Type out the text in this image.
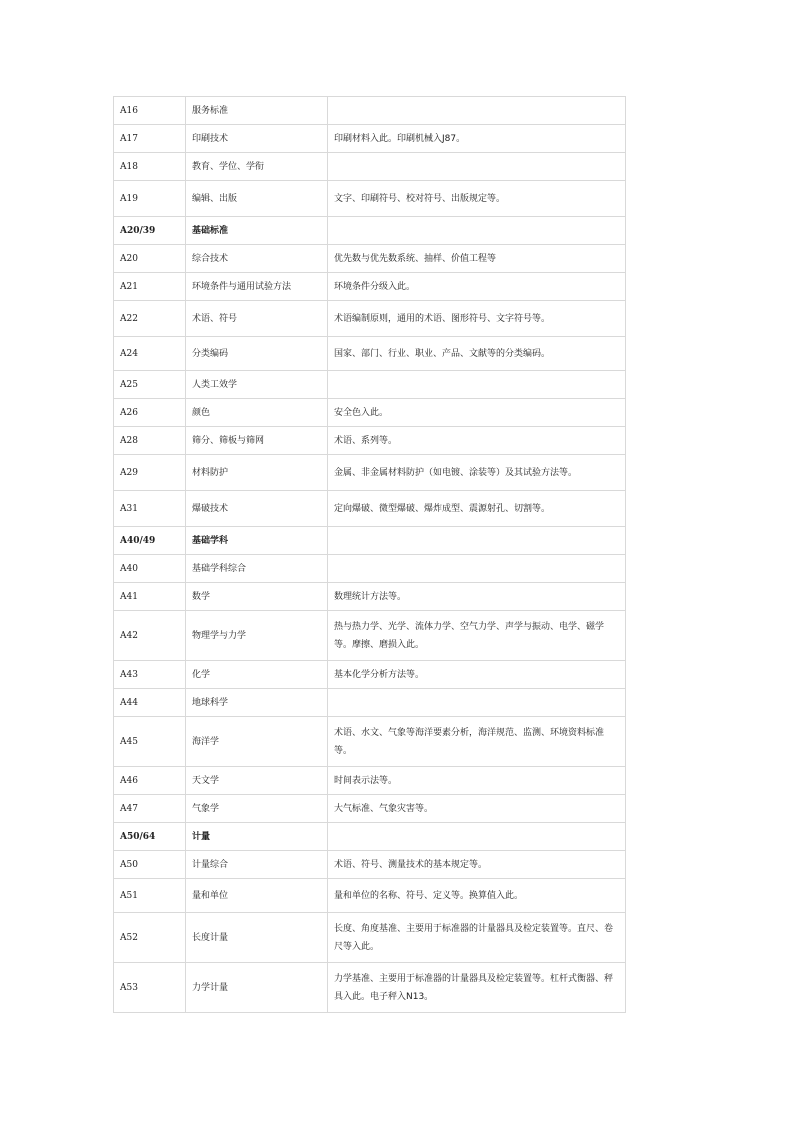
A16	服务标准	
A17	印刷技术	印刷材料入此。印刷机械入J87。
A18	教育、学位、学衔	
A19	编辑、出版	文字、印刷符号、校对符号、出版规定等。
A20/39	基础标准	
A20	综合技术	优先数与优先数系统、抽样、价值工程等
A21	环境条件与通用试验方法	环境条件分级入此。
A22	术语、符号	术语编制原则，通用的术语、图形符号、文字符号等。
A24	分类编码	国家、部门、行业、职业、产品、文献等的分类编码。
A25	人类工效学	
A26	颜色	安全色入此。
A28	筛分、筛板与筛网	术语、系列等。
A29	材料防护	金属、非金属材料防护（如电镀、涂装等）及其试验方法等。
A31	爆破技术	定向爆破、微型爆破、爆炸成型、震源射孔、切割等。
A40/49	基础学科	
A40	基础学科综合	
A41	数学	数理统计方法等。
A42	物理学与力学	热与热力学、光学、流体力学、空气力学、声学与振动、电学、磁学等。摩擦、磨损入此。
A43	化学	基本化学分析方法等。
A44	地球科学	
A45	海洋学	术语、水文、气象等海洋要素分析，海洋规范、监测、环境资料标准等。
A46	天文学	时间表示法等。
A47	气象学	大气标准、气象灾害等。
A50/64	计量	
A50	计量综合	术语、符号、测量技术的基本规定等。
A51	量和单位	量和单位的名称、符号、定义等。换算值入此。
A52	长度计量	长度、角度基准、主要用于标准器的计量器具及检定装置等。直尺、卷尺等入此。
A53	力学计量	力学基准、主要用于标准器的计量器具及检定装置等。杠杆式衡器、秤具入此。电子秤入N13。
